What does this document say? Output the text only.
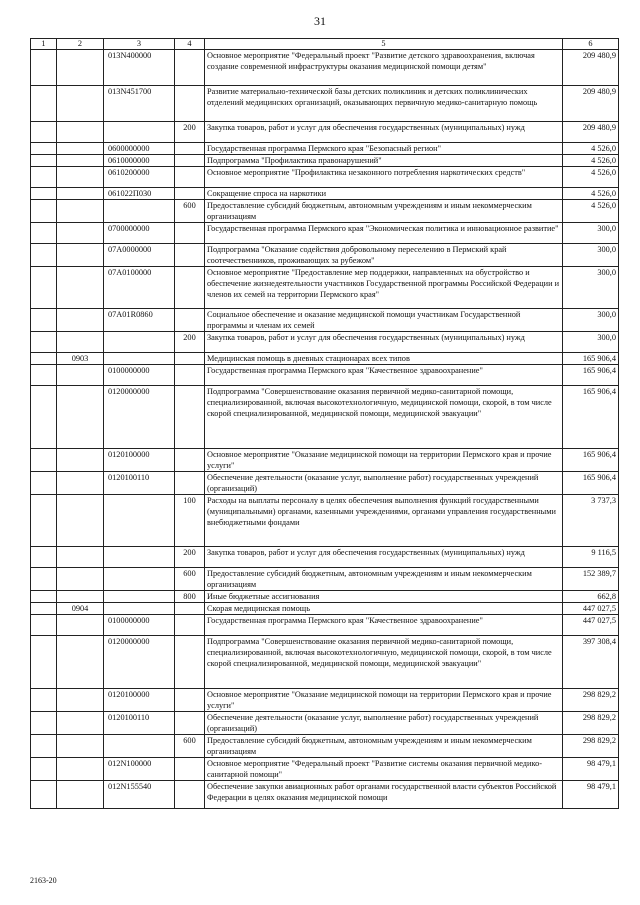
31
1	2	3	4	5	6
		013N400000		Основное мероприятие "Федеральный проект "Развитие детского здравоохранения, включая создание современной инфраструктуры оказания медицинской помощи детям"	209 480,9
		013N451700		Развитие материально-технической базы детских поликлиник и детских поликлинических отделений медицинских организаций, оказывающих первичную медико-санитарную помощь	209 480,9
			200	Закупка товаров, работ и услуг для обеспечения государственных (муниципальных) нужд	209 480,9
		0600000000		Государственная программа Пермского края "Безопасный регион"	4 526,0
		0610000000		Подпрограмма "Профилактика правонарушений"	4 526,0
		0610200000		Основное мероприятие "Профилактика незаконного потребления наркотических средств"	4 526,0
		061022П030		Сокращение спроса на наркотики	4 526,0
			600	Предоставление субсидий бюджетным, автономным учреждениям и иным некоммерческим организациям	4 526,0
		0700000000		Государственная программа Пермского края "Экономическая политика и инновационное развитие"	300,0
		07А0000000		Подпрограмма "Оказание содействия добровольному переселению в Пермский край соотечественников, проживающих за рубежом"	300,0
		07А0100000		Основное мероприятие "Предоставление мер поддержки, направленных на обустройство и обеспечение жизнедеятельности участников Государственной программы Российской Федерации и членов их семей на территории Пермского края"	300,0
		07А01R0860		Социальное обеспечение и оказание медицинской помощи участникам Государственной программы и членам их семей	300,0
			200	Закупка товаров, работ и услуг для обеспечения государственных (муниципальных) нужд	300,0
	0903			Медицинская помощь в дневных стационарах всех типов	165 906,4
		0100000000		Государственная программа Пермского края "Качественное здравоохранение"	165 906,4
		0120000000		Подпрограмма "Совершенствование оказания первичной медико-санитарной помощи, специализированной, включая высокотехнологичную, медицинской помощи, скорой, в том числе скорой специализированной, медицинской помощи, медицинской эвакуации"	165 906,4
		0120100000		Основное мероприятие "Оказание медицинской помощи на территории Пермского края и прочие услуги"	165 906,4
		0120100110		Обеспечение деятельности (оказание услуг, выполнение работ) государственных учреждений (организаций)	165 906,4
			100	Расходы на выплаты персоналу в целях обеспечения выполнения функций государственными (муниципальными) органами, казенными учреждениями, органами управления государственными внебюджетными фондами	3 737,3
			200	Закупка товаров, работ и услуг для обеспечения государственных (муниципальных) нужд	9 116,5
			600	Предоставление субсидий бюджетным, автономным учреждениям и иным некоммерческим организациям	152 389,7
			800	Иные бюджетные ассигнования	662,8
	0904			Скорая медицинская помощь	447 027,5
		0100000000		Государственная программа Пермского края "Качественное здравоохранение"	447 027,5
		0120000000		Подпрограмма "Совершенствование оказания первичной медико-санитарной помощи, специализированной, включая высокотехнологичную, медицинской помощи, скорой, в том числе скорой специализированной, медицинской помощи, медицинской эвакуации"	397 308,4
		0120100000		Основное мероприятие "Оказание медицинской помощи на территории Пермского края и прочие услуги"	298 829,2
		0120100110		Обеспечение деятельности (оказание услуг, выполнение работ) государственных учреждений (организаций)	298 829,2
			600	Предоставление субсидий бюджетным, автономным учреждениям и иным некоммерческим организациям	298 829,2
		012N100000		Основное мероприятие "Федеральный проект "Развитие системы оказания первичной медико-санитарной помощи"	98 479,1
		012N155540		Обеспечение закупки авиационных работ органами государственной власти субъектов Российской Федерации в целях оказания медицинской помощи	98 479,1
2163-20
